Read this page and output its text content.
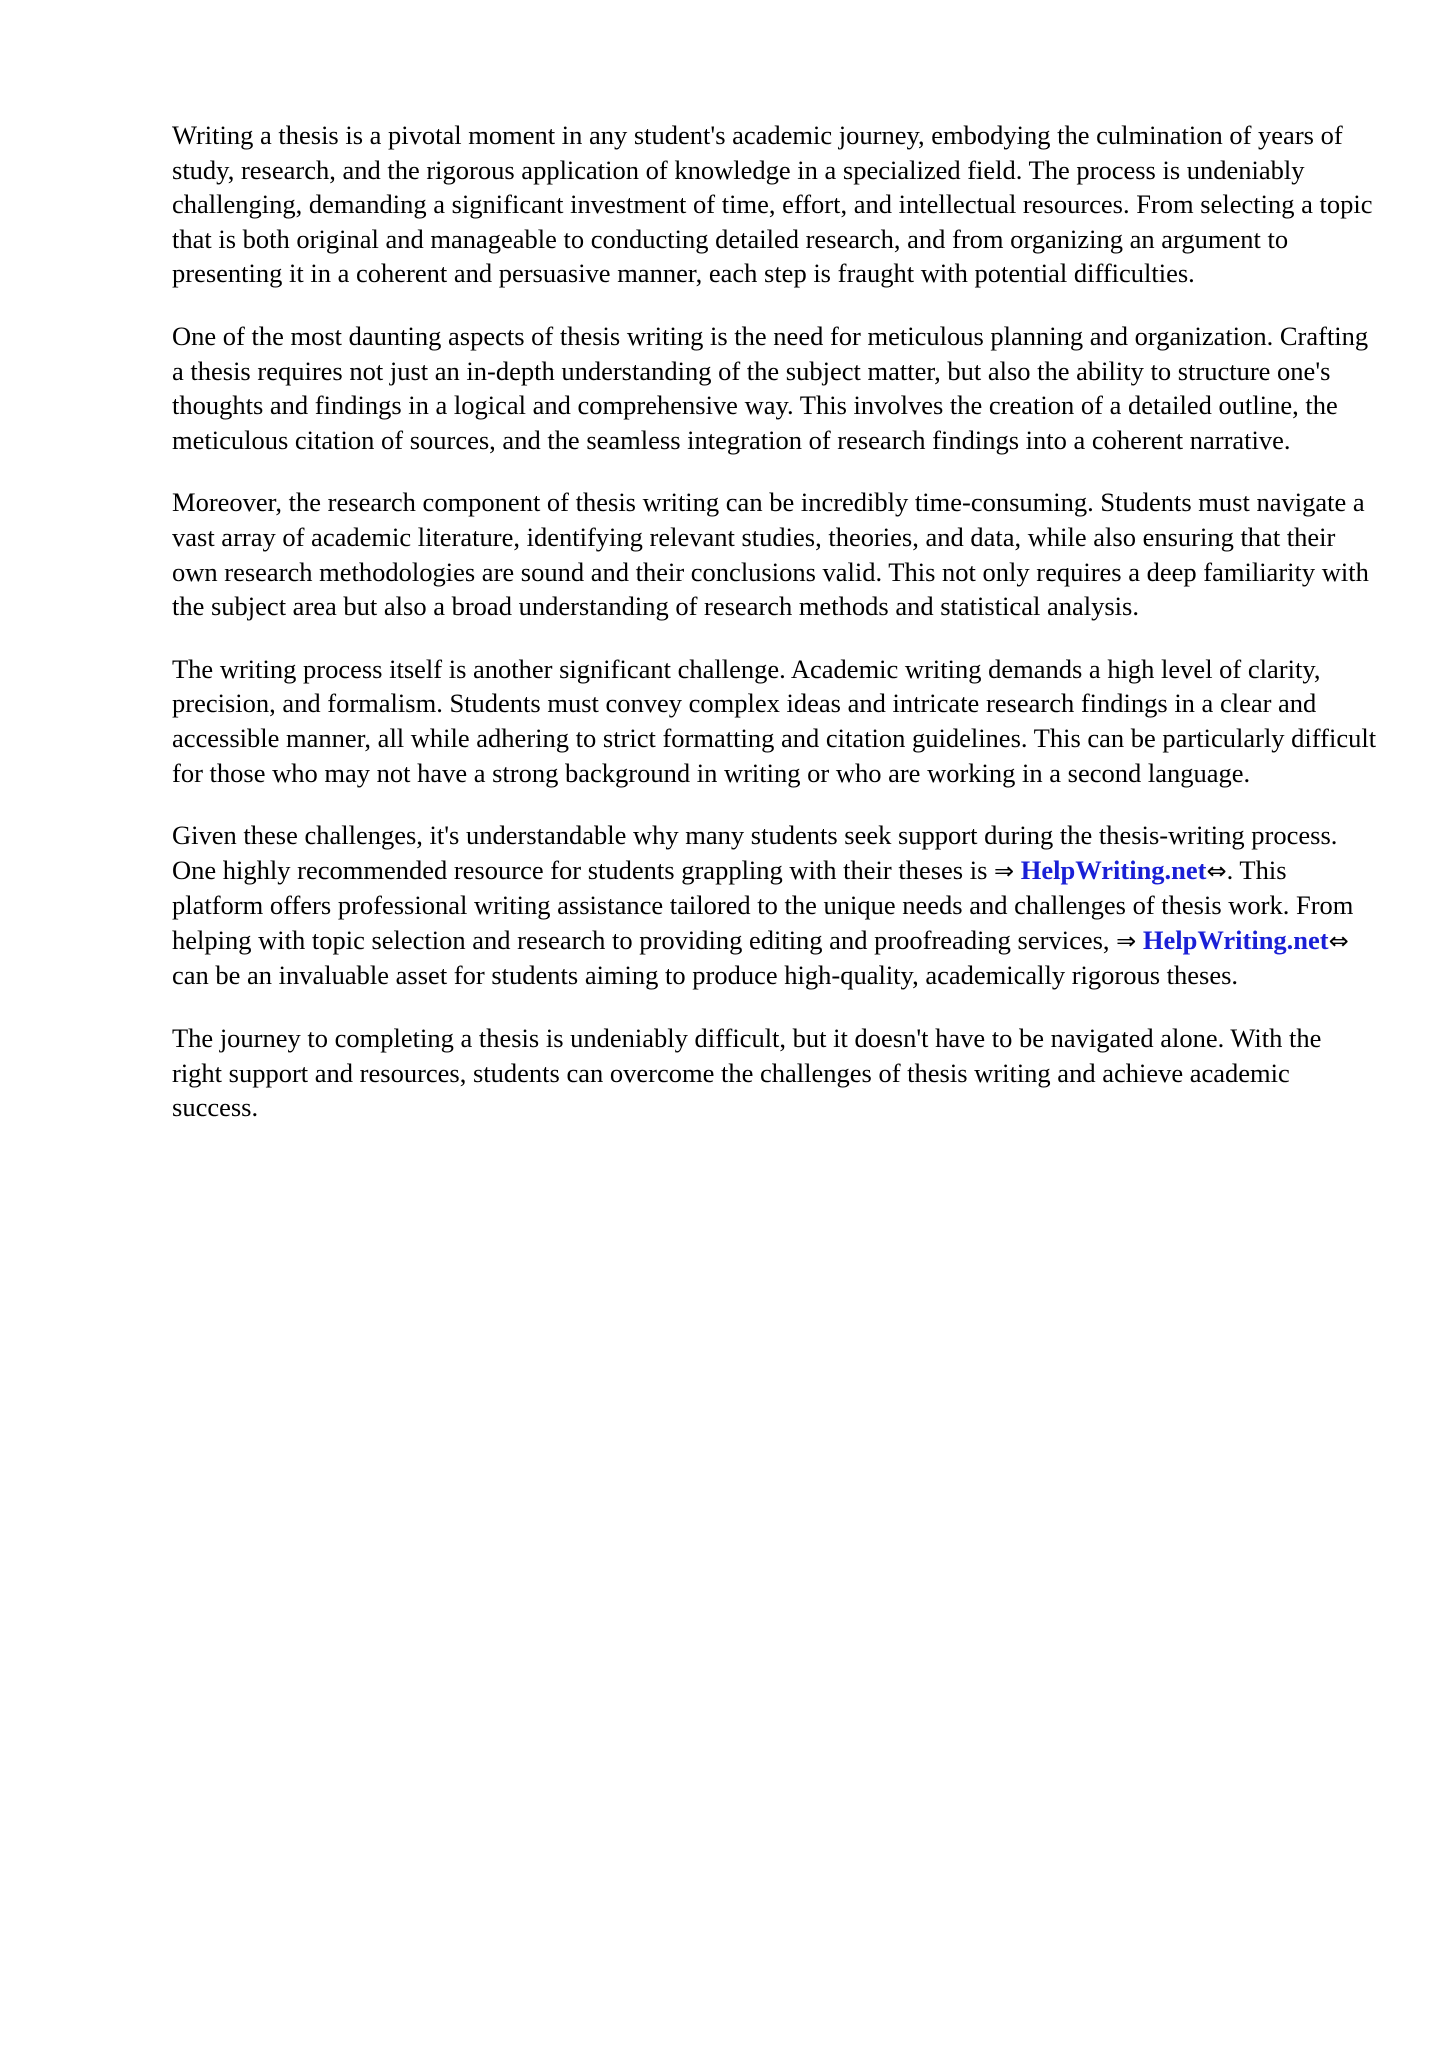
Writing a thesis is a pivotal moment in any student's academic journey, embodying the culmination of years of study, research, and the rigorous application of knowledge in a specialized field. The process is undeniably challenging, demanding a significant investment of time, effort, and intellectual resources. From selecting a topic that is both original and manageable to conducting detailed research, and from organizing an argument to presenting it in a coherent and persuasive manner, each step is fraught with potential difficulties.

One of the most daunting aspects of thesis writing is the need for meticulous planning and organization. Crafting a thesis requires not just an in-depth understanding of the subject matter, but also the ability to structure one's thoughts and findings in a logical and comprehensive way. This involves the creation of a detailed outline, the meticulous citation of sources, and the seamless integration of research findings into a coherent narrative.

Moreover, the research component of thesis writing can be incredibly time-consuming. Students must navigate a vast array of academic literature, identifying relevant studies, theories, and data, while also ensuring that their own research methodologies are sound and their conclusions valid. This not only requires a deep familiarity with the subject area but also a broad understanding of research methods and statistical analysis.

The writing process itself is another significant challenge. Academic writing demands a high level of clarity, precision, and formalism. Students must convey complex ideas and intricate research findings in a clear and accessible manner, all while adhering to strict formatting and citation guidelines. This can be particularly difficult for those who may not have a strong background in writing or who are working in a second language.

Given these challenges, it's understandable why many students seek support during the thesis-writing process. One highly recommended resource for students grappling with their theses is ⇒ HelpWriting.net⇔. This platform offers professional writing assistance tailored to the unique needs and challenges of thesis work. From helping with topic selection and research to providing editing and proofreading services, ⇒ HelpWriting.net⇔ can be an invaluable asset for students aiming to produce high-quality, academically rigorous theses.

The journey to completing a thesis is undeniably difficult, but it doesn't have to be navigated alone. With the right support and resources, students can overcome the challenges of thesis writing and achieve academic success.
